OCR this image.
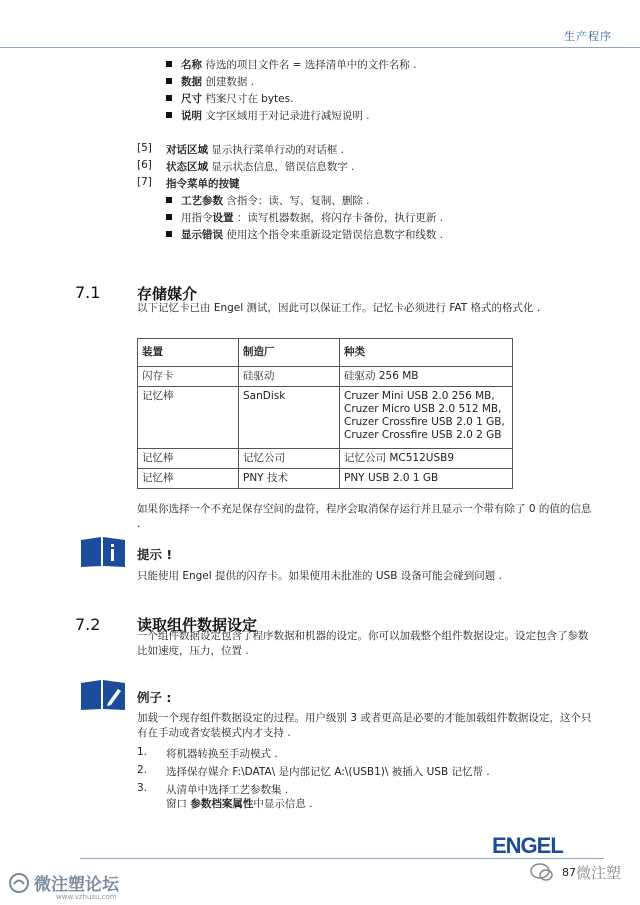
生产程序
名称 待选的项目文件名 = 选择清单中的文件名称 .
数据 创建数据 .
尺寸 档案尺寸在 bytes.
说明 文字区域用于对记录进行减短说明 .
[5] 对话区域 显示执行菜单行动的对话框 .
[6] 状态区域 显示状态信息，错误信息数字 .
[7] 指令菜单的按键
工艺参数 含指令：读、写、复制、删除 .
用指令设置 ：读写机器数据，将闪存卡备份，执行更新 .
显示错误 使用这个指令来重新设定错误信息数字和线数 .
7.1 存储媒介
以下记忆卡已由 Engel 测试，因此可以保证工作。记忆卡必须进行 FAT 格式的格式化 .
装置	制造厂	种类
闪存卡	硅驱动	硅驱动 256 MB
记忆棒	SanDisk	Cruzer Mini USB 2.0 256 MB,
Cruzer Micro USB 2.0 512 MB,
Cruzer Crossfire USB 2.0 1 GB,
Cruzer Crossfire USB 2.0 2 GB
记忆棒	记忆公司	记忆公司 MC512USB9
记忆棒	PNY 技术	PNY USB 2.0 1 GB
如果你选择一个不充足保存空间的盘符，程序会取消保存运行并且显示一个带有除了 0 的值的信息 .
提示 !
只能使用 Engel 提供的闪存卡。如果使用未批准的 USB 设备可能会碰到问题 .
7.2 读取组件数据设定
一个组件数据设定包含了程序数据和机器的设定。你可以加载整个组件数据设定。设定包含了参数比如速度，压力，位置 .
例子 :
加载一个现存组件数据设定的过程。用户级别 3 或者更高是必要的才能加载组件数据设定，这个只有在手动或者安装模式内才支持 .
1. 将机器转换至手动模式 .
2. 选择保存媒介 F:\DATA\ 是内部记忆 A:\(USB1)\ 被插入 USB 记忆帮 .
3. 从清单中选择工艺参数集 .
窗口 参数档案属性中显示信息 .
ENGEL
微注塑论坛
www.vzhusu.com
87 微注塑
